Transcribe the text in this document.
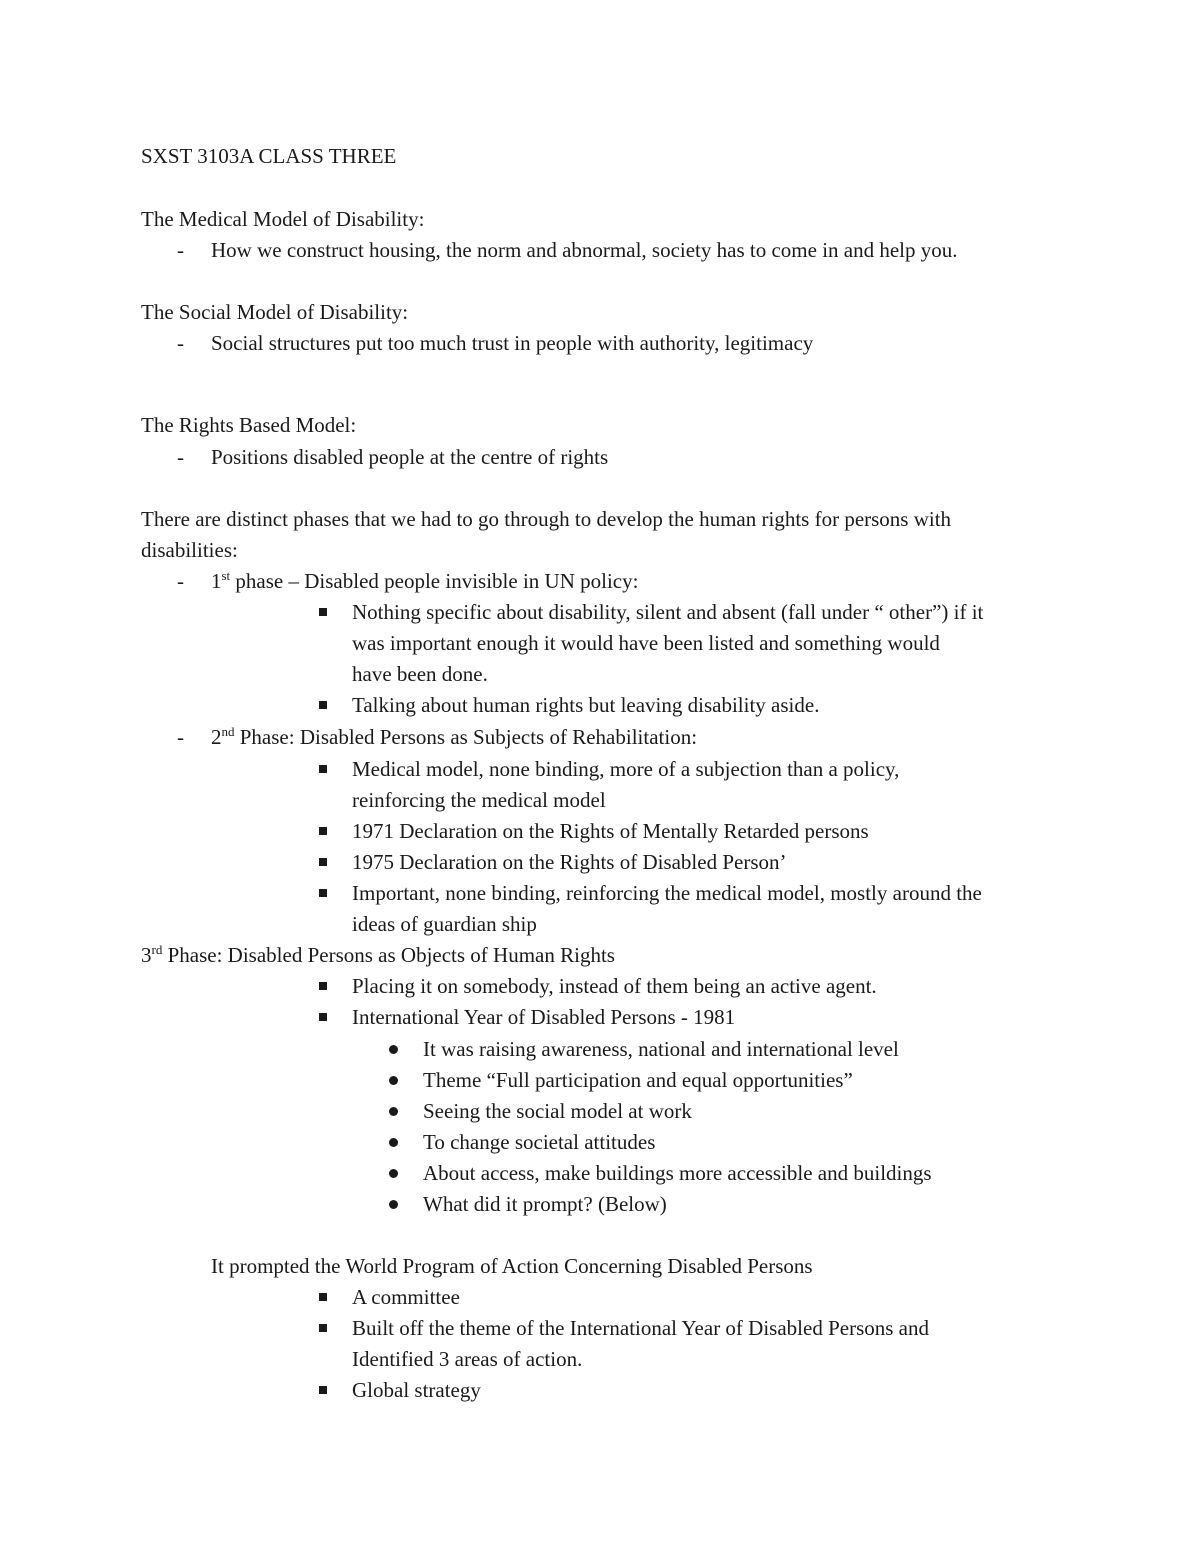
SXST 3103A CLASS THREE
The Medical Model of Disability:
- How we construct housing, the norm and abnormal, society has to come in and help you.
The Social Model of Disability:
- Social structures put too much trust in people with authority, legitimacy
The Rights Based Model:
- Positions disabled people at the centre of rights
There are distinct phases that we had to go through to develop the human rights for persons with
disabilities:
- 1st phase – Disabled people invisible in UN policy:
Nothing specific about disability, silent and absent (fall under “ other”) if it
was important enough it would have been listed and something would
have been done.
Talking about human rights but leaving disability aside.
- 2nd Phase: Disabled Persons as Subjects of Rehabilitation:
Medical model, none binding, more of a subjection than a policy,
reinforcing the medical model
1971 Declaration on the Rights of Mentally Retarded persons
1975 Declaration on the Rights of Disabled Person’
Important, none binding, reinforcing the medical model, mostly around the
ideas of guardian ship
3rd Phase: Disabled Persons as Objects of Human Rights
Placing it on somebody, instead of them being an active agent.
International Year of Disabled Persons - 1981
It was raising awareness, national and international level
Theme “Full participation and equal opportunities”
Seeing the social model at work
To change societal attitudes
About access, make buildings more accessible and buildings
What did it prompt? (Below)
It prompted the World Program of Action Concerning Disabled Persons
A committee
Built off the theme of the International Year of Disabled Persons and
Identified 3 areas of action.
Global strategy
